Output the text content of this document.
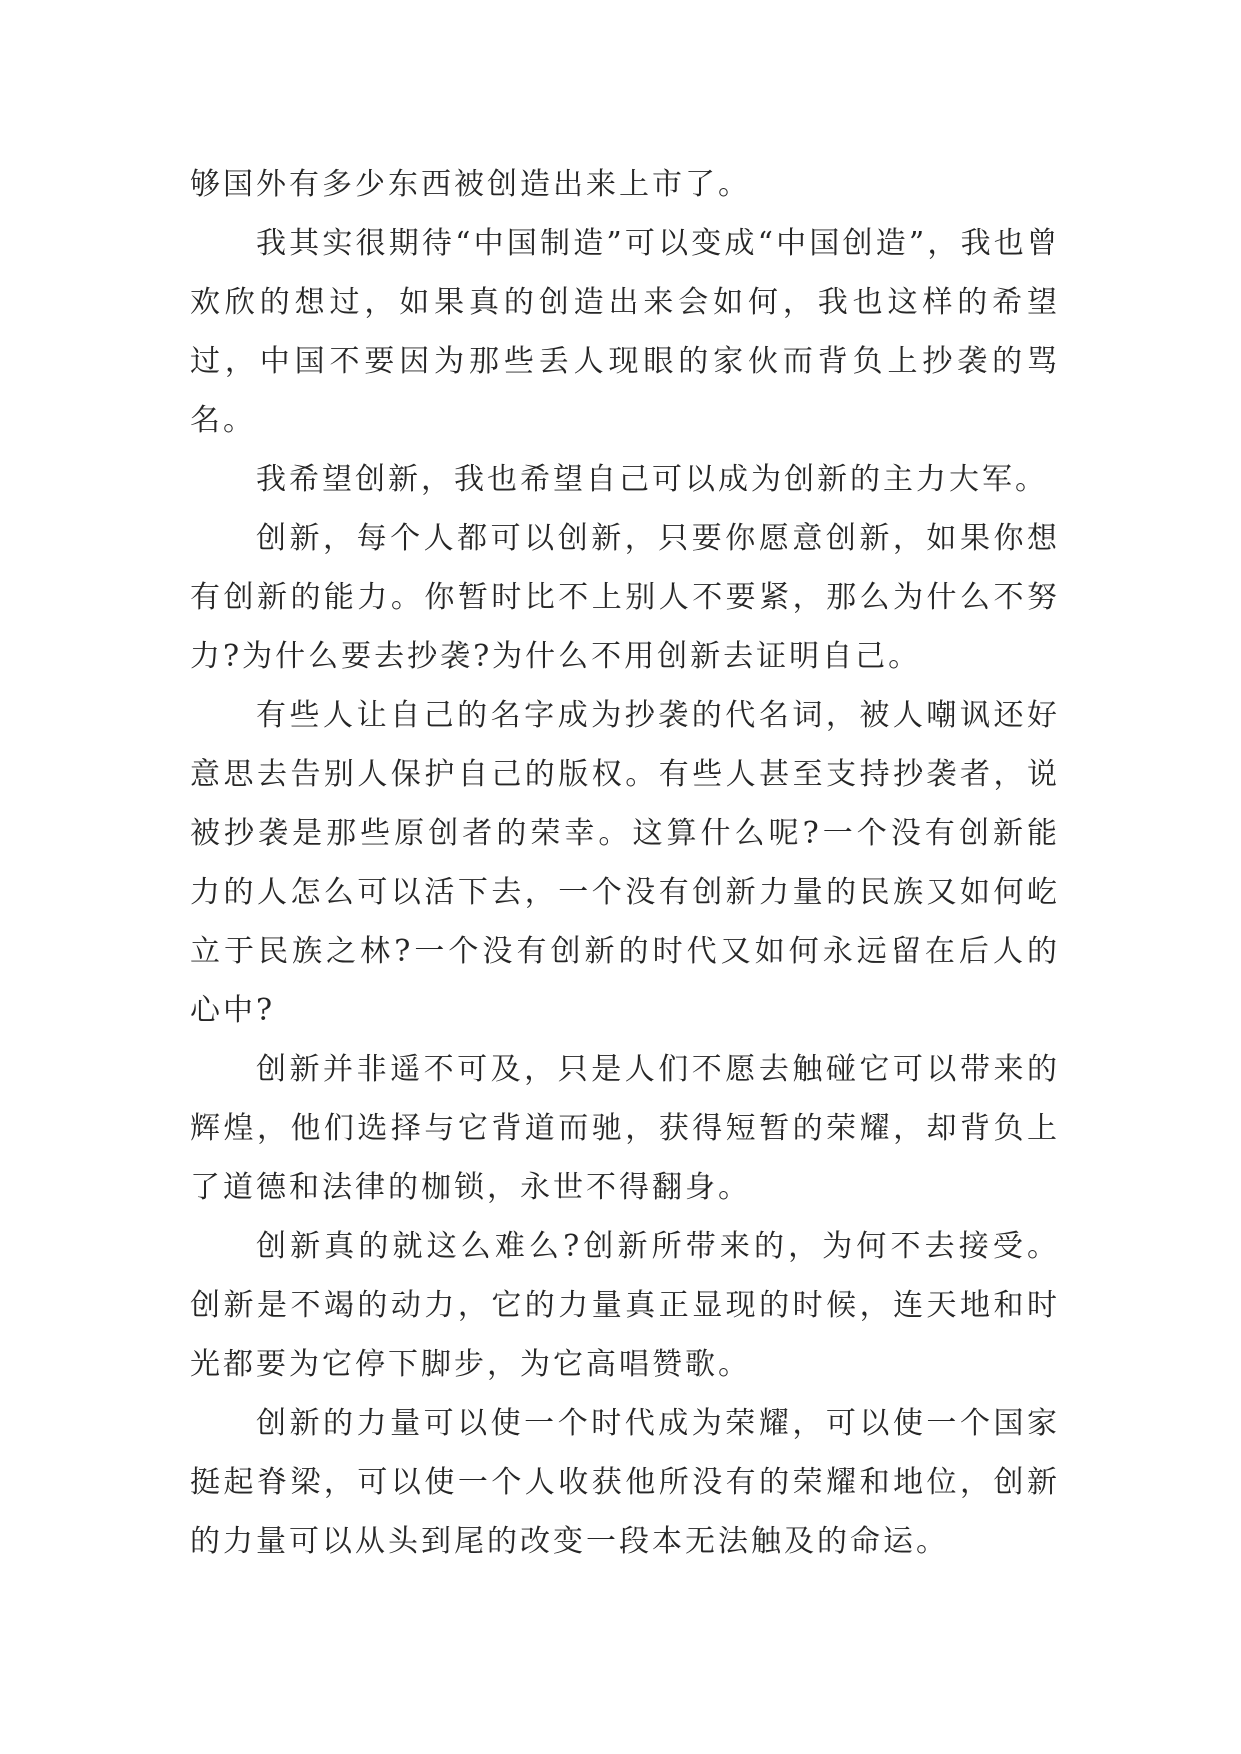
够国外有多少东西被创造出来上市了。

我其实很期待“中国制造”可以变成“中国创造”，我也曾欢欣的想过，如果真的创造出来会如何，我也这样的希望过，中国不要因为那些丢人现眼的家伙而背负上抄袭的骂名。

我希望创新，我也希望自己可以成为创新的主力大军。

创新，每个人都可以创新，只要你愿意创新，如果你想有创新的能力。你暂时比不上别人不要紧，那么为什么不努力?为什么要去抄袭?为什么不用创新去证明自己。

有些人让自己的名字成为抄袭的代名词，被人嘲讽还好意思去告别人保护自己的版权。有些人甚至支持抄袭者，说被抄袭是那些原创者的荣幸。这算什么呢?一个没有创新能力的人怎么可以活下去，一个没有创新力量的民族又如何屹立于民族之林?一个没有创新的时代又如何永远留在后人的心中?

创新并非遥不可及，只是人们不愿去触碰它可以带来的辉煌，他们选择与它背道而驰，获得短暂的荣耀，却背负上了道德和法律的枷锁，永世不得翻身。

创新真的就这么难么?创新所带来的，为何不去接受。创新是不竭的动力，它的力量真正显现的时候，连天地和时光都要为它停下脚步，为它高唱赞歌。

创新的力量可以使一个时代成为荣耀，可以使一个国家挺起脊梁，可以使一个人收获他所没有的荣耀和地位，创新的力量可以从头到尾的改变一段本无法触及的命运。
